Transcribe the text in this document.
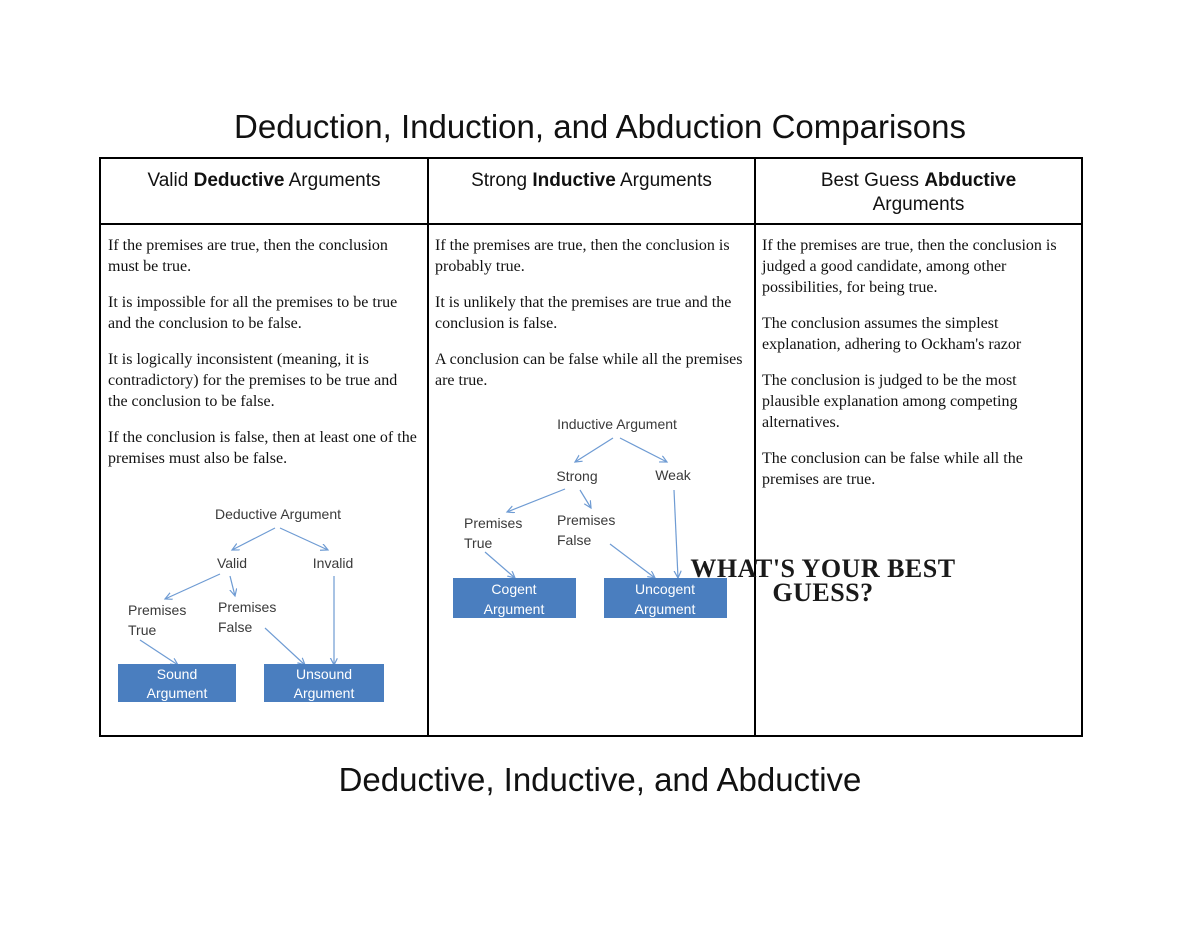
Deduction, Induction, and Abduction Comparisons
Valid Deductive Arguments	Strong Inductive Arguments	Best Guess Abductive
Arguments

If the premises are true, then the conclusion must be true.

It is impossible for all the premises to be true and the conclusion to be false.

It is logically inconsistent (meaning, it is contradictory) for the premises to be true and the conclusion to be false.

If the conclusion is false, then at least one of the premises must also be false.

If the premises are true, then the conclusion is probably true.

It is unlikely that the premises are true and the conclusion is false.

A conclusion can be false while all the premises are true.

If the premises are true, then the conclusion is judged a good candidate, among other possibilities, for being true.

The conclusion assumes the simplest explanation, adhering to Ockham's razor

The conclusion is judged to be the most plausible explanation among competing alternatives.

The conclusion can be false while all the premises are true.

Deductive Argument
Valid	Invalid
Premises
True
Premises
False
Sound
Argument
Unsound
Argument
Inductive Argument
Strong	Weak
Premises
True
Premises
False
Cogent
Argument
Uncogent
Argument
WHAT'S YOUR BEST
GUESS?
Deductive, Inductive, and Abductive
